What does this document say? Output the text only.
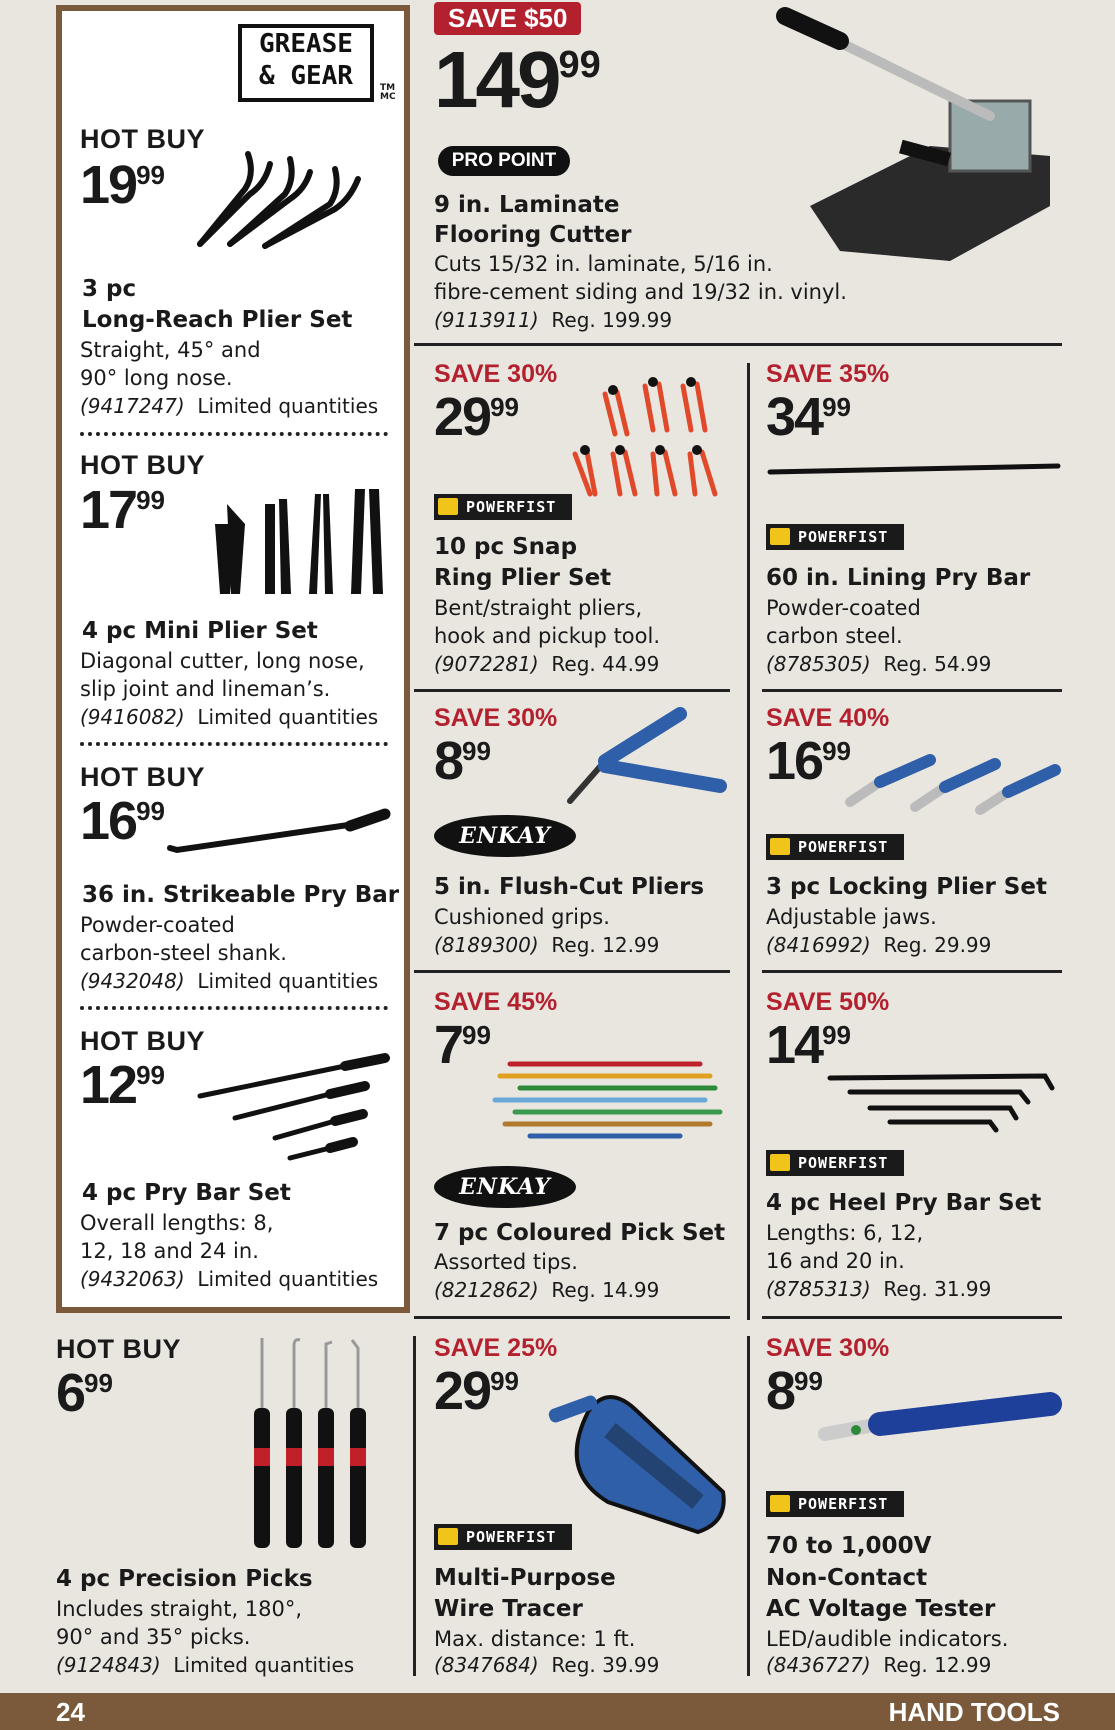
GREASE
& GEAR	TM MC
HOT BUY
$19^{99}$
3 pc
Long-Reach Plier Set
Straight, 45° and
90° long nose.
(9417247) Limited quantities
HOT BUY
$17^{99}$
4 pc Mini Plier Set
Diagonal cutter, long nose,
slip joint and lineman’s.
(9416082) Limited quantities
HOT BUY
$16^{99}$
36 in. Strikeable Pry Bar
Powder-coated
carbon-steel shank.
(9432048) Limited quantities
HOT BUY
$12^{99}$
4 pc Pry Bar Set
Overall lengths: 8,
12, 18 and 24 in.
(9432063) Limited quantities
HOT BUY
$6^{99}$
4 pc Precision Picks
Includes straight, 180°,
90° and 35° picks.
(9124843) Limited quantities
SAVE $50
$149^{99}$
PRO POINT
9 in. Laminate
Flooring Cutter
Cuts 15/32 in. laminate, 5/16 in.
fibre-cement siding and 19/32 in. vinyl.
(9113911) Reg. 199.99
SAVE 30%
$29^{99}$
POWERFIST
10 pc Snap
Ring Plier Set
Bent/straight pliers,
hook and pickup tool.
(9072281) Reg. 44.99
SAVE 35%
$34^{99}$
POWERFIST
60 in. Lining Pry Bar
Powder-coated
carbon steel.
(8785305) Reg. 54.99
SAVE 30%
$8^{99}$
ENKAY
5 in. Flush-Cut Pliers
Cushioned grips.
(8189300) Reg. 12.99
SAVE 40%
$16^{99}$
POWERFIST
3 pc Locking Plier Set
Adjustable jaws.
(8416992) Reg. 29.99
SAVE 45%
$7^{99}$
ENKAY
7 pc Coloured Pick Set
Assorted tips.
(8212862) Reg. 14.99
SAVE 50%
$14^{99}$
POWERFIST
4 pc Heel Pry Bar Set
Lengths: 6, 12,
16 and 20 in.
(8785313) Reg. 31.99
SAVE 25%
$29^{99}$
POWERFIST
Multi-Purpose
Wire Tracer
Max. distance: 1 ft.
(8347684) Reg. 39.99
SAVE 30%
$8^{99}$
POWERFIST
70 to 1,000V
Non-Contact
AC Voltage Tester
LED/audible indicators.
(8436727) Reg. 12.99
24	HAND TOOLS
